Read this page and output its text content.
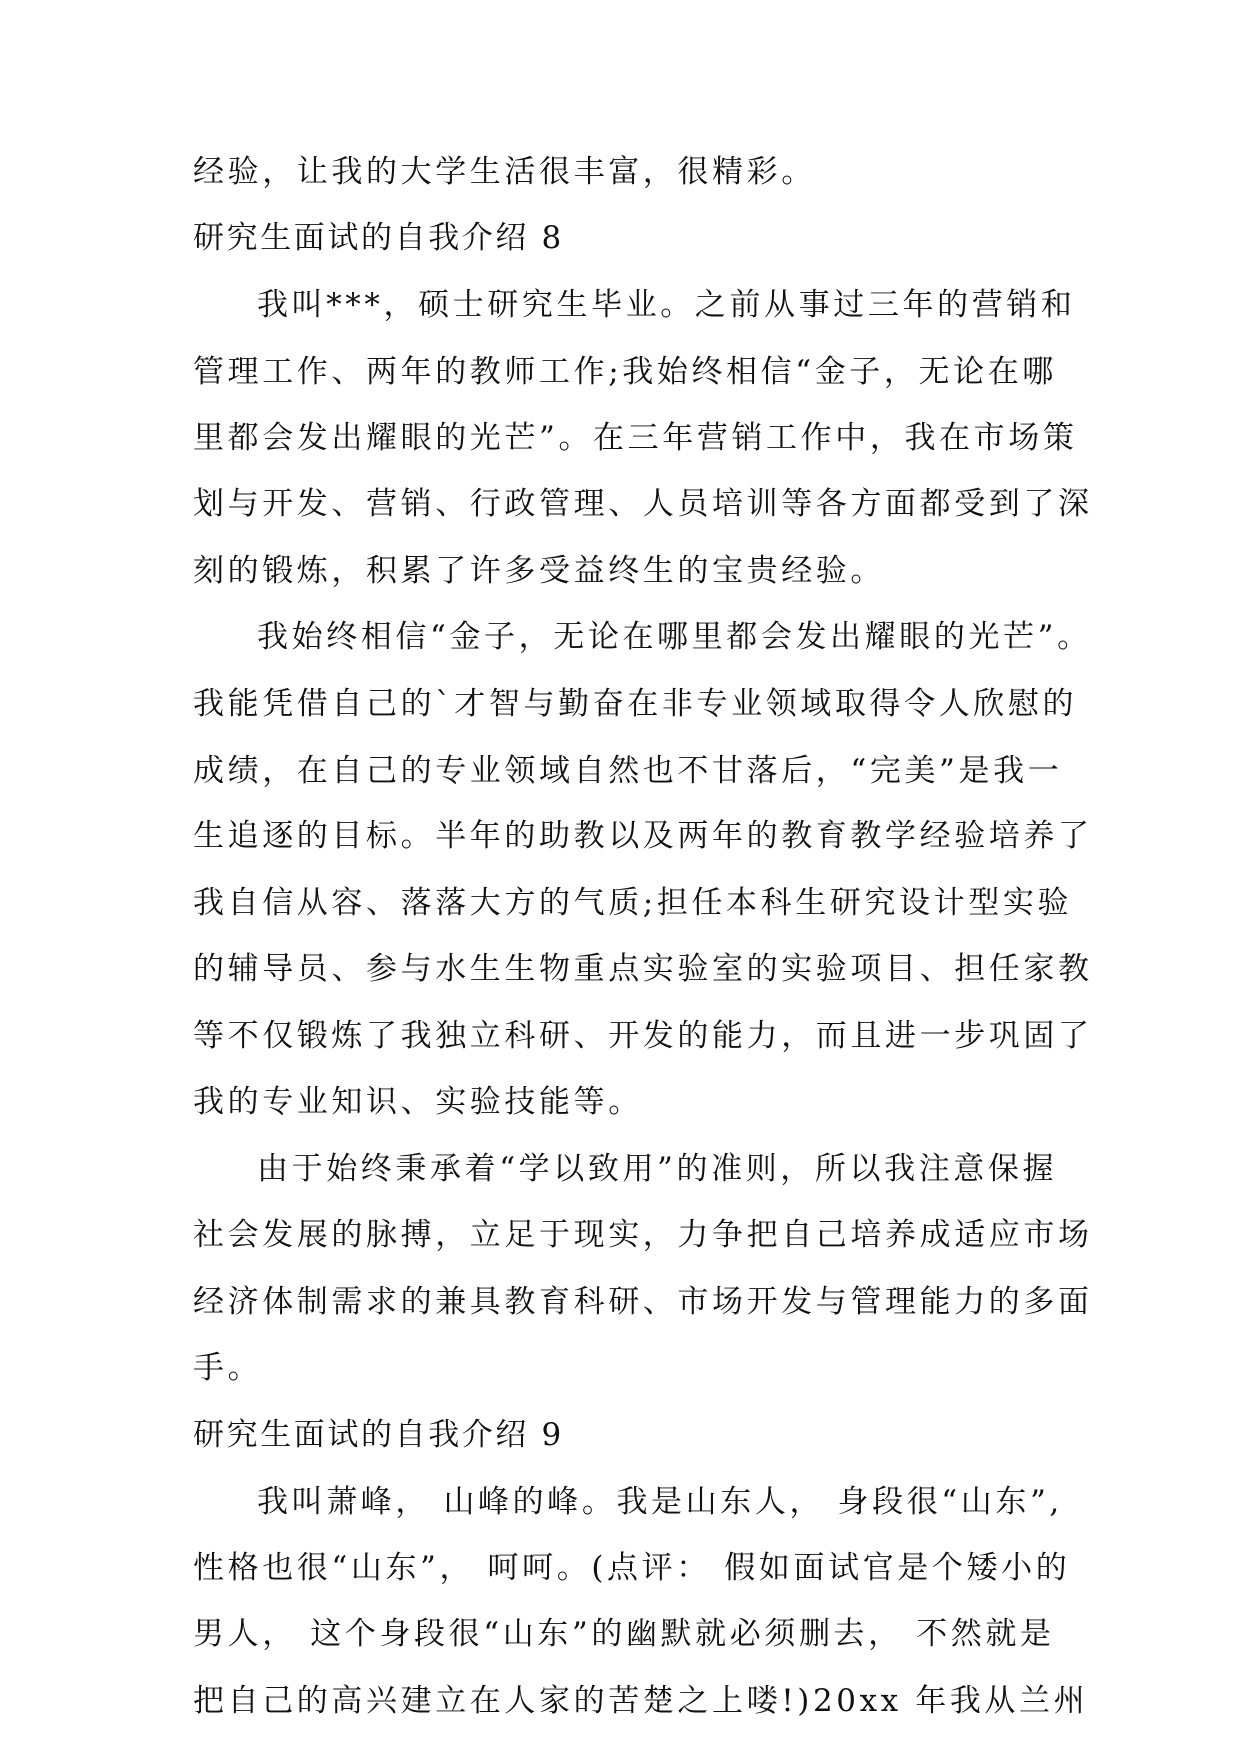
经验，让我的大学生活很丰富，很精彩。
研究生面试的自我介绍 8
我叫***，硕士研究生毕业。之前从事过三年的营销和
管理工作、两年的教师工作;我始终相信“金子，无论在哪
里都会发出耀眼的光芒”。在三年营销工作中，我在市场策
划与开发、营销、行政管理、人员培训等各方面都受到了深
刻的锻炼，积累了许多受益终生的宝贵经验。
我始终相信“金子，无论在哪里都会发出耀眼的光芒”。
我能凭借自己的`才智与勤奋在非专业领域取得令人欣慰的
成绩，在自己的专业领域自然也不甘落后，“完美”是我一
生追逐的目标。半年的助教以及两年的教育教学经验培养了
我自信从容、落落大方的气质;担任本科生研究设计型实验
的辅导员、参与水生生物重点实验室的实验项目、担任家教
等不仅锻炼了我独立科研、开发的能力，而且进一步巩固了
我的专业知识、实验技能等。
由于始终秉承着“学以致用”的准则，所以我注意保握
社会发展的脉搏，立足于现实，力争把自己培养成适应市场
经济体制需求的兼具教育科研、市场开发与管理能力的多面
手。
研究生面试的自我介绍 9
我叫萧峰， 山峰的峰。我是山东人， 身段很“山东”,
性格也很“山东”， 呵呵。(点评： 假如面试官是个矮小的
男人， 这个身段很“山东”的幽默就必须删去， 不然就是
把自己的高兴建立在人家的苦楚之上喽!)20xx 年我从兰州
